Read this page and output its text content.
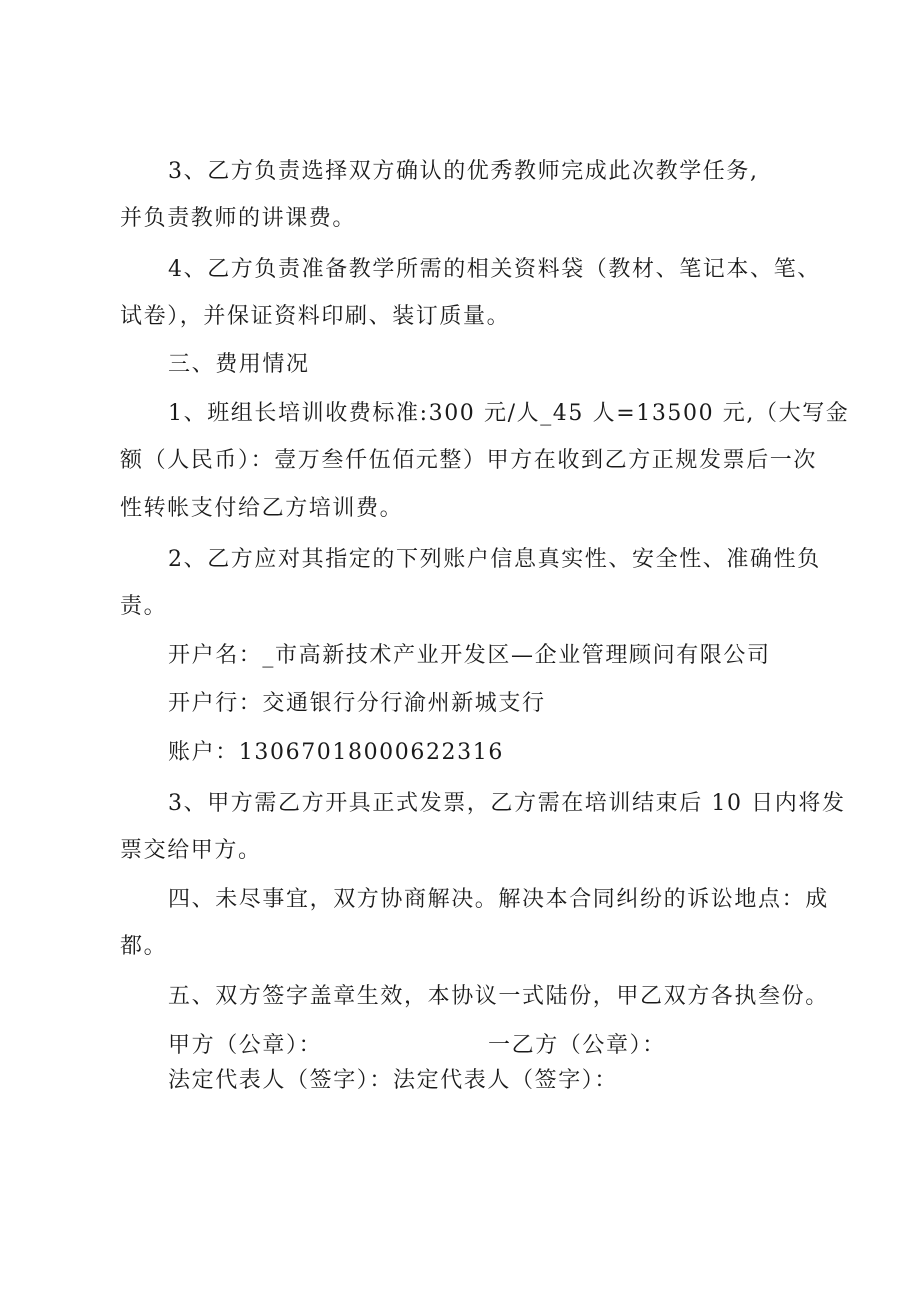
3、乙方负责选择双方确认的优秀教师完成此次教学任务,
并负责教师的讲课费。
4、乙方负责准备教学所需的相关资料袋（教材、笔记本、笔、
试卷），并保证资料印刷、装订质量。
三、费用情况
1、班组长培训收费标准:300 元/人_45 人=13500 元,（大写金
额（人民币）：壹万叁仟伍佰元整）甲方在收到乙方正规发票后一次
性转帐支付给乙方培训费。
2、乙方应对其指定的下列账户信息真实性、安全性、准确性负
责。
开户名：_市高新技术产业开发区—企业管理顾问有限公司
开户行：交通银行分行渝州新城支行
账户：13067018000622316
3、甲方需乙方开具正式发票，乙方需在培训结束后 10 日内将发
票交给甲方。
四、未尽事宜，双方协商解决。解决本合同纠纷的诉讼地点：成
都。
五、双方签字盖章生效，本协议一式陆份，甲乙双方各执叁份。
甲方（公章）：	一乙方（公章）：
法定代表人（签字）：法定代表人（签字）：
